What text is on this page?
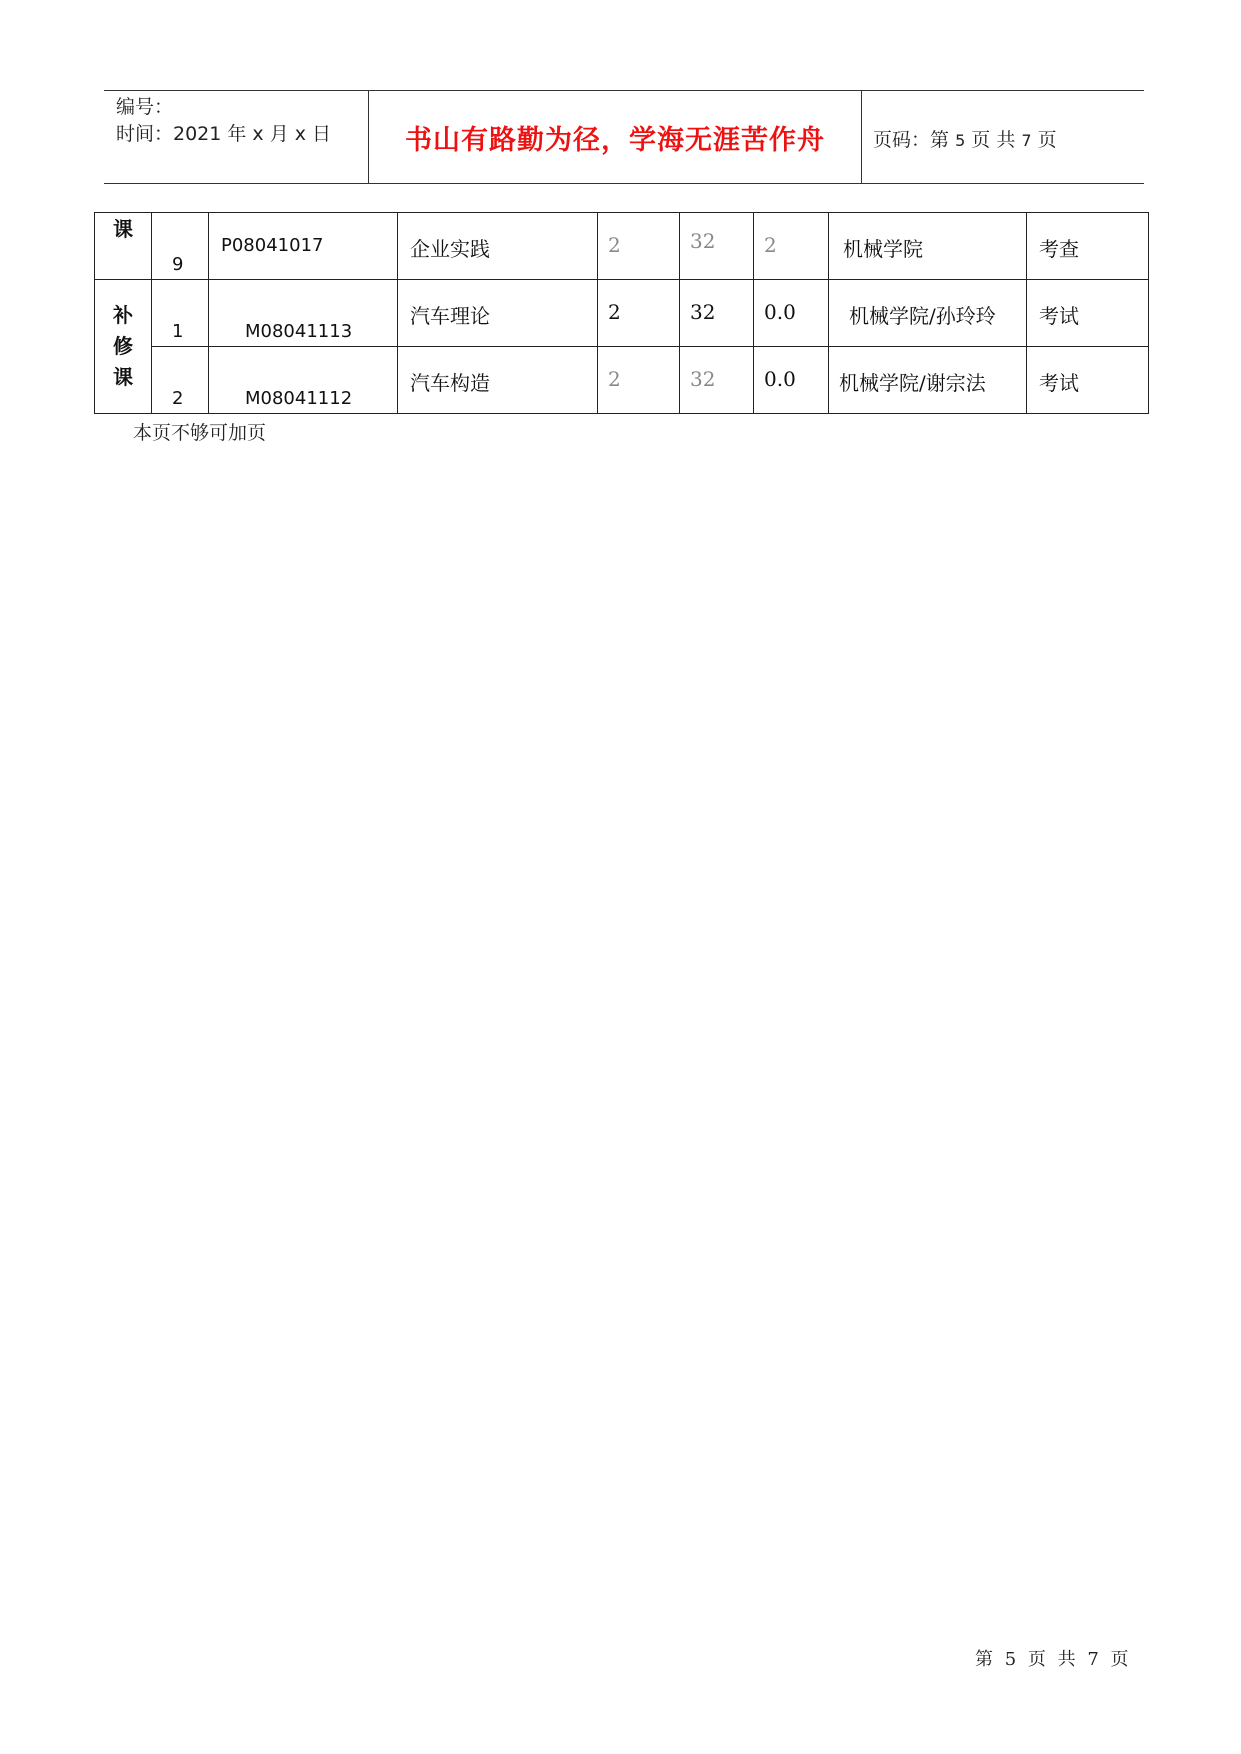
编号：
时间：2021 年 x 月 x 日	书山有路勤为径，学海无涯苦作舟	页码：第 5 页 共 7 页
课	9	P08041017	企业实践	2	32	2	机械学院	考查

补
修
课	1	M08041113	汽车理论	2	32	0.0	机械学院/孙玲玲	考试

	2	M08041112	汽车构造	2	32	0.0	机械学院/谢宗法	考试
本页不够可加页
第 5 页 共 7 页
